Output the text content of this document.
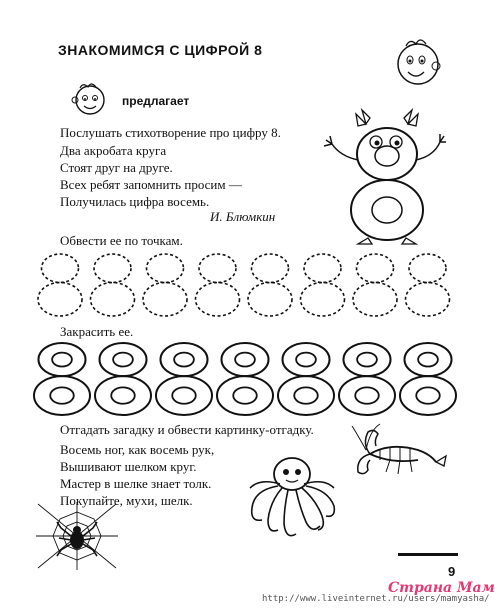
ЗНАКОМИМСЯ С ЦИФРОЙ 8
предлагает
Послушать стихотворение про цифру 8.
Два акробата круга
Стоят друг на друге.
Всех ребят запомнить просим —
Получилась цифра восемь.
И. Блюмкин
Обвести ее по точкам.
Закрасить ее.
Отгадать загадку и обвести картинку-отгадку.
Восемь ног, как восемь рук,
Вышивают шелком круг.
Мастер в шелке знает толк.
Покупайте, мухи, шелк.
9
http://www.liveinternet.ru/users/mamyasha/
Страна Мам
